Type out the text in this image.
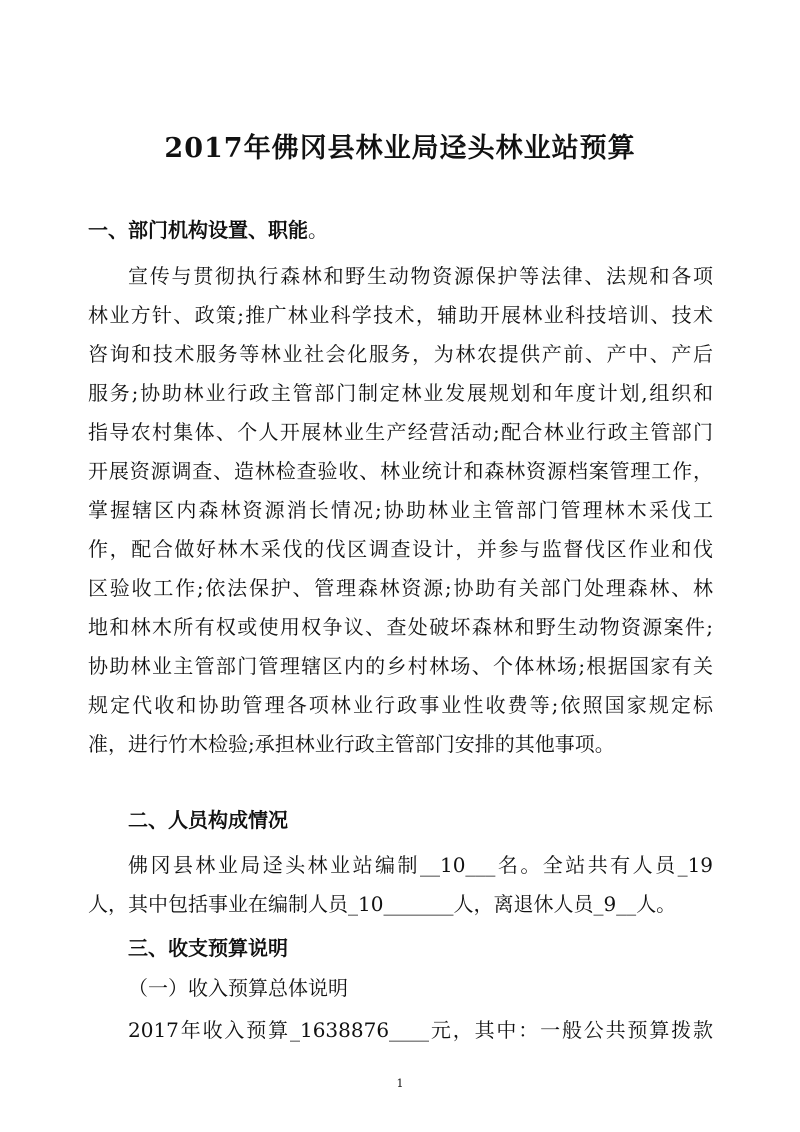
2017年佛冈县林业局迳头林业站预算
一、部门机构设置、职能。
宣传与贯彻执行森林和野生动物资源保护等法律、法规和各项
林业方针、政策;推广林业科学技术，辅助开展林业科技培训、技术
咨询和技术服务等林业社会化服务，为林农提供产前、产中、产后
服务;协助林业行政主管部门制定林业发展规划和年度计划,组织和
指导农村集体、个人开展林业生产经营活动;配合林业行政主管部门
开展资源调查、造林检查验收、林业统计和森林资源档案管理工作，
掌握辖区内森林资源消长情况;协助林业主管部门管理林木采伐工
作，配合做好林木采伐的伐区调查设计，并参与监督伐区作业和伐
区验收工作;依法保护、管理森林资源;协助有关部门处理森林、林
地和林木所有权或使用权争议、查处破坏森林和野生动物资源案件;
协助林业主管部门管理辖区内的乡村林场、个体林场;根据国家有关
规定代收和协助管理各项林业行政事业性收费等;依照国家规定标
准，进行竹木检验;承担林业行政主管部门安排的其他事项。
二、人员构成情况
佛冈县林业局迳头林业站编制__10___名。全站共有人员_19
人，其中包括事业在编制人员_10_______人，离退休人员_9__人。
三、收支预算说明
（一）收入预算总体说明
2017年收入预算_1638876____元，其中：一般公共预算拨款
1
